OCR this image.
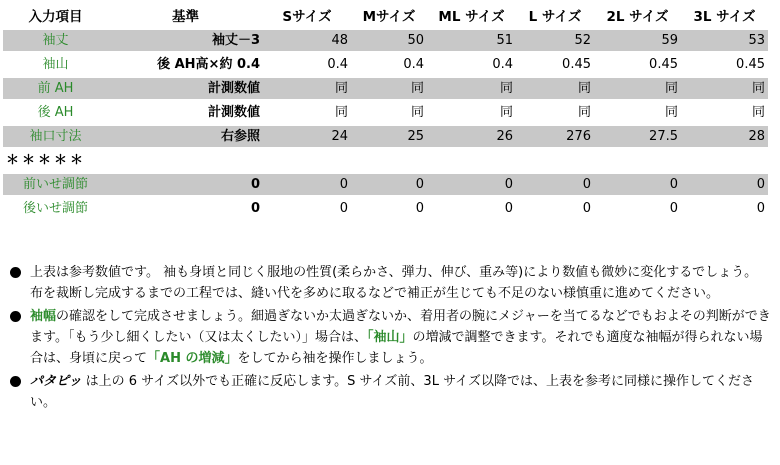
入力項目	基準	Sサイズ	Mサイズ	ML サイズ	L サイズ	2L サイズ	3L サイズ
袖丈	袖丈－3	48	50	51	52	59	53
袖山	後 AH高×約 0.4	0.4	0.4	0.4	0.45	0.45	0.45
前 AH	計測数値	同	同	同	同	同	同
後 AH	計測数値	同	同	同	同	同	同
袖口寸法	右参照	24	25	26	276	27.5	28
＊＊＊＊＊							
前いせ調節	0	0	0	0	0	0	0
後いせ調節	0	0	0	0	0	0	0

上表は参考数値です。 袖も身頃と同じく服地の性質(柔らかさ、弾力、伸び、重み等)により数値も微妙に変化するでしょう。 布を裁断し完成するまでの工程では、縫い代を多めに取るなどで補正が生じても不足のない様慎重に進めてください。

袖幅の確認をして完成させましょう。細過ぎないか太過ぎないか、着用者の腕にメジャーを当てるなどでもおよその判断ができます。「もう少し細くしたい（又は太くしたい）」場合は、「袖山」の増減で調整できます。それでも適度な袖幅が得られない場合は、身頃に戻って「AH の増減」をしてから袖を操作しましょう。

パタピッ は上の 6 サイズ以外でも正確に反応します。S サイズ前、3L サイズ以降では、上表を参考に同様に操作してください。
